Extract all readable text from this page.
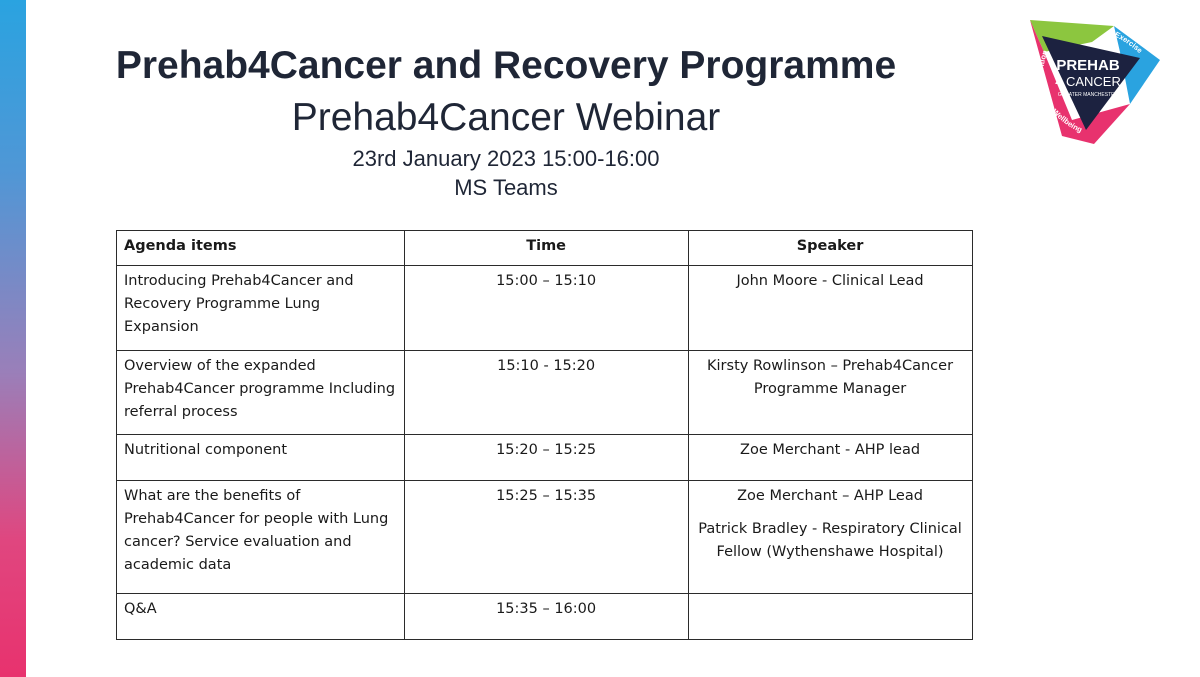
Prehab4Cancer and Recovery Programme
Prehab4Cancer Webinar
23rd January 2023 15:00-16:00
MS Teams
PREHAB
4 CANCER
GREATER MANCHESTER
Nutrition
Exercise
Wellbeing
Agenda items	Time	Speaker
Introducing Prehab4Cancer and Recovery Programme Lung Expansion	15:00 – 15:10	John Moore - Clinical Lead

Overview of the expanded Prehab4Cancer programme Including referral process	15:10 - 15:20	Kirsty Rowlinson – Prehab4Cancer Programme Manager

Nutritional component	15:20 – 15:25	Zoe Merchant - AHP lead

What are the benefits of Prehab4Cancer for people with Lung cancer? Service evaluation and academic data	15:25 – 15:35	Zoe Merchant – AHP Lead
Patrick Bradley - Respiratory Clinical Fellow (Wythenshawe Hospital)

Q&A	15:35 – 16:00	
